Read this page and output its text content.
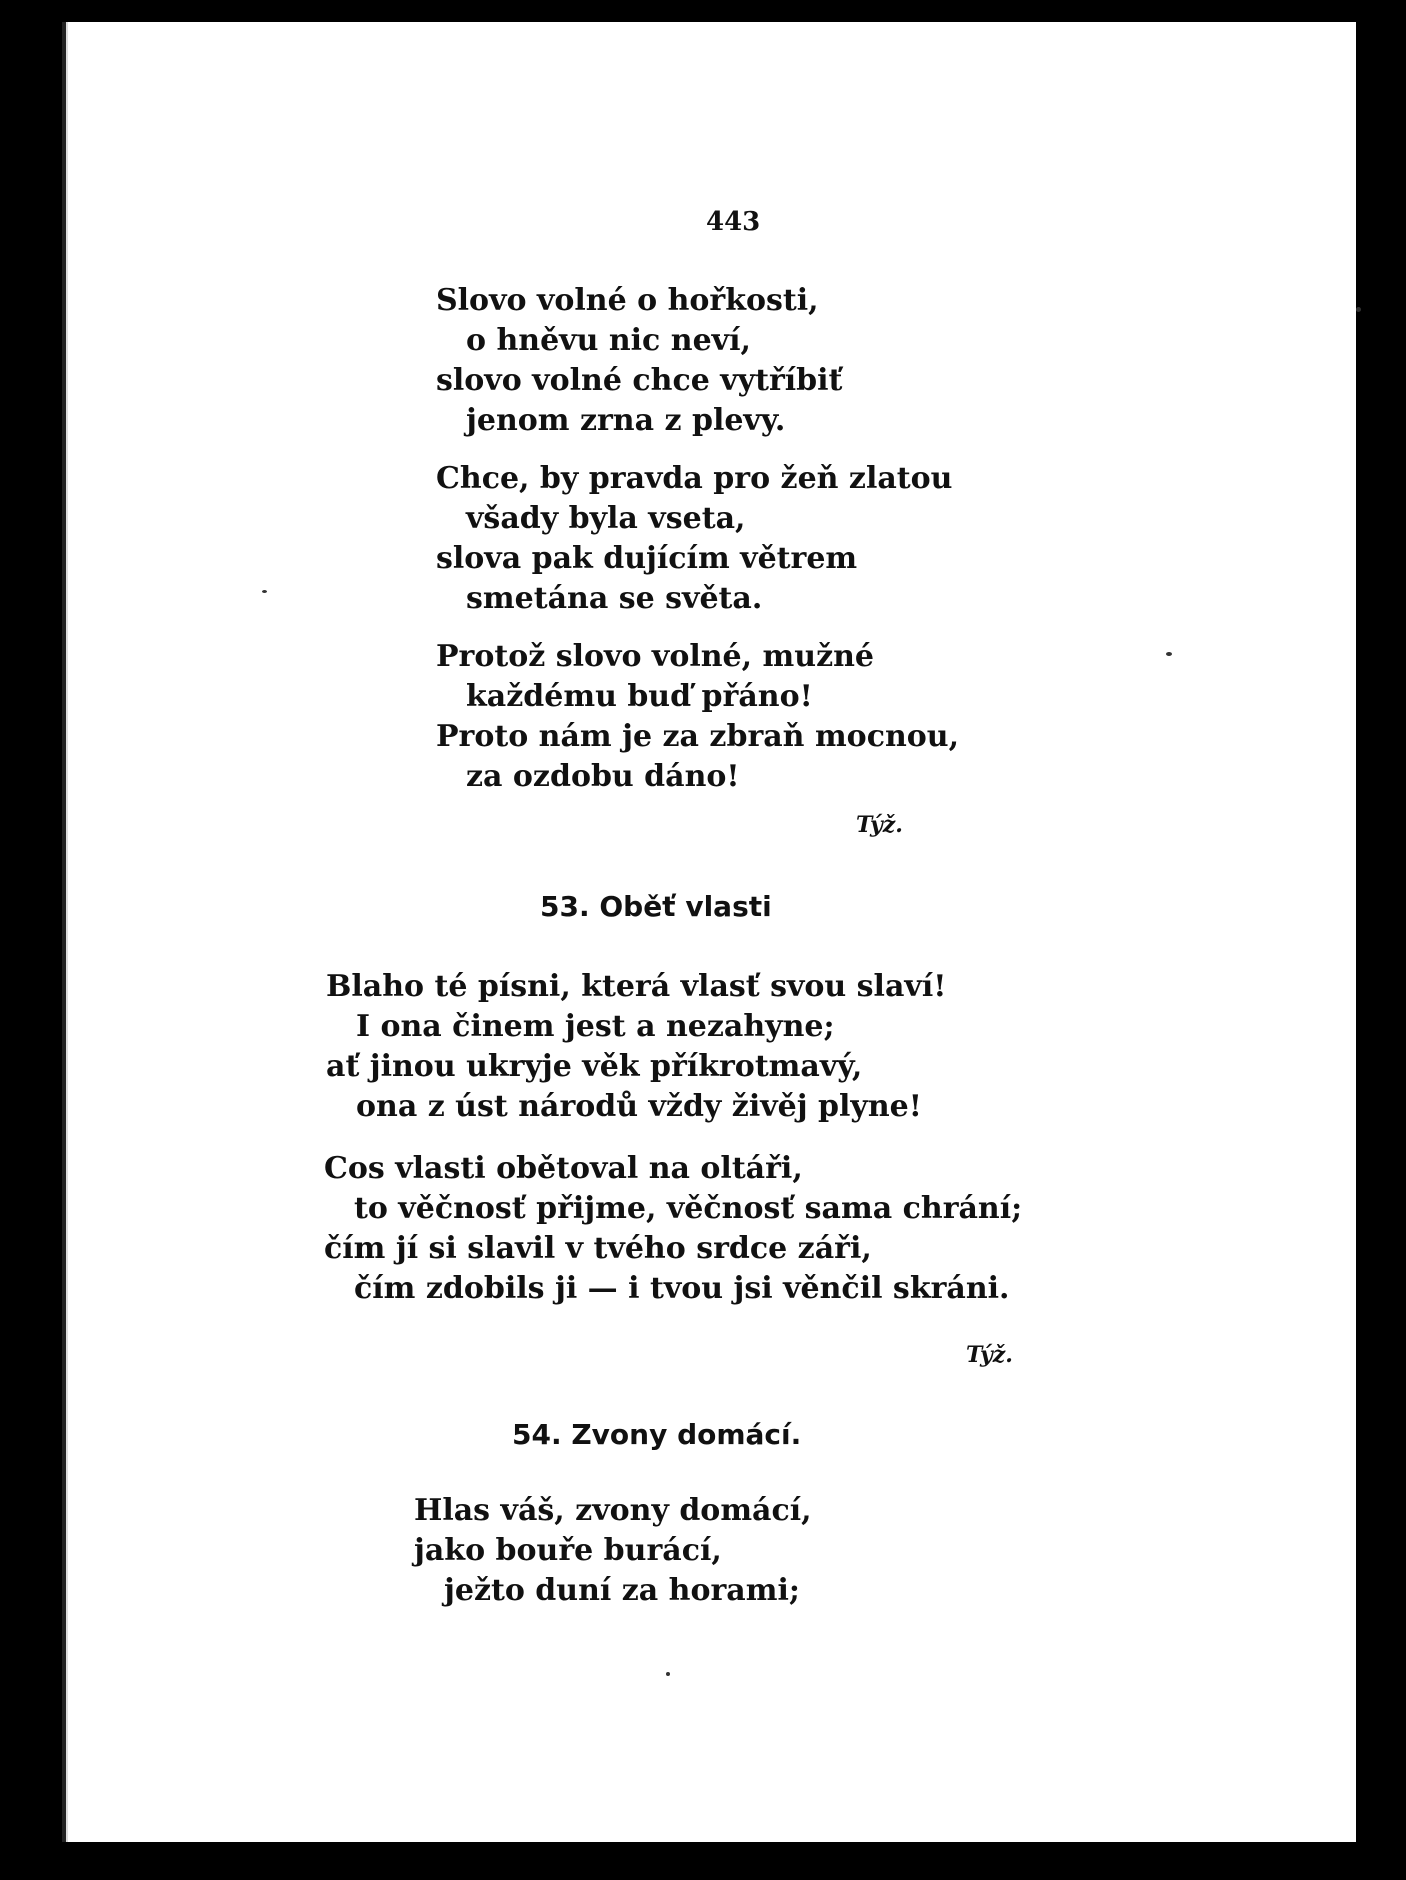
443
Slovo volné o hořkosti,
o hněvu nic neví,
slovo volné chce vytříbiť
jenom zrna z plevy.
Chce, by pravda pro žeň zlatou
všady byla vseta,
slova pak dujícím větrem
smetána se světa.
Protož slovo volné, mužné
každému buď přáno!
Proto nám je za zbraň mocnou,
za ozdobu dáno!
Týž.
53. Oběť vlasti
Blaho té písni, která vlasť svou slaví!
I ona činem jest a nezahyne;
ať jinou ukryje věk příkrotmavý,
ona z úst národů vždy živěj plyne!
Cos vlasti obětoval na oltáři,
to věčnosť přijme, věčnosť sama chrání;
čím jí si slavil v tvého srdce záři,
čím zdobils ji — i tvou jsi věnčil skráni.
Týž.
54. Zvony domácí.
Hlas váš, zvony domácí,
jako bouře burácí,
ježto duní za horami;
